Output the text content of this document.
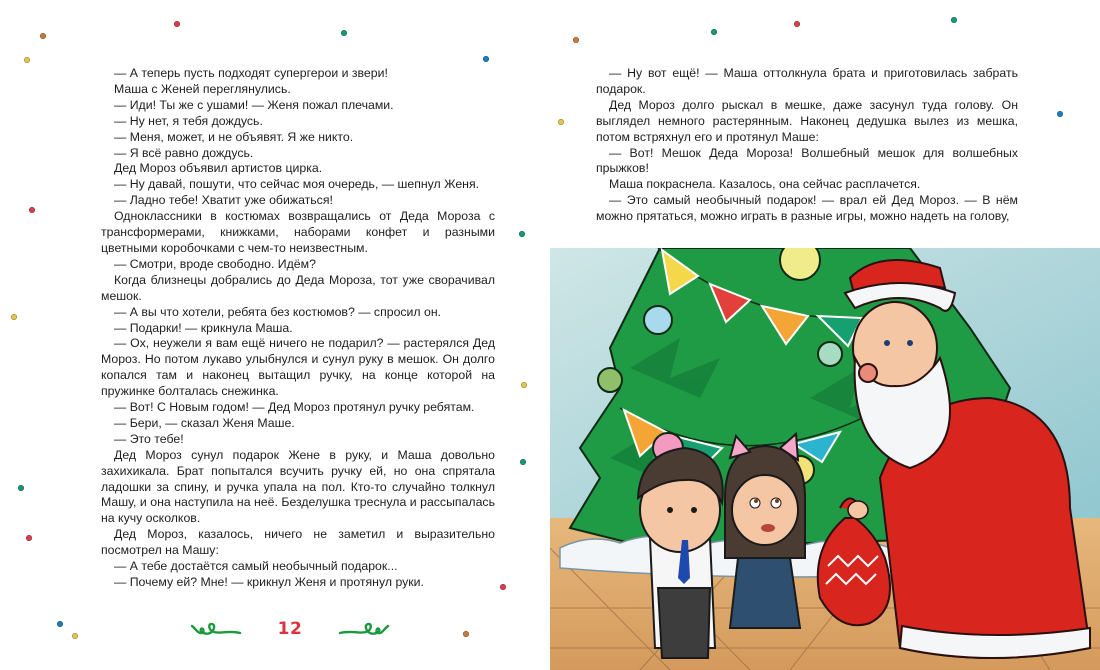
— А теперь пусть подходят супергерои и звери!

Маша с Женей переглянулись.

— Иди! Ты же с ушами! — Женя пожал плечами.

— Ну нет, я тебя дождусь.

— Меня, может, и не объявят. Я же никто.

— Я всё равно дождусь.

Дед Мороз объявил артистов цирка.

— Ну давай, пошути, что сейчас моя очередь, — шепнул Женя.

— Ладно тебе! Хватит уже обижаться!

Одноклассники в костюмах возвращались от Деда Мороза с трансформерами, книжками, наборами конфет и разными цветными коробочками с чем-то неизвестным.

— Смотри, вроде свободно. Идём?

Когда близнецы добрались до Деда Мороза, тот уже сворачивал мешок.

— А вы что хотели, ребята без костюмов? — спросил он.

— Подарки! — крикнула Маша.

— Ох, неужели я вам ещё ничего не подарил? — растерялся Дед Мороз. Но потом лукаво улыбнулся и сунул руку в мешок. Он долго копался там и наконец вытащил ручку, на конце которой на пружинке болталась снежинка.

— Вот! С Новым годом! — Дед Мороз протянул ручку ребятам.

— Бери, — сказал Женя Маше.

— Это тебе!

Дед Мороз сунул подарок Жене в руку, и Маша довольно захихикала. Брат попытался всучить ручку ей, но она спрятала ладошки за спину, и ручка упала на пол. Кто-то случайно толкнул Машу, и она наступила на неё. Безделушка треснула и рассыпалась на кучу осколков.

Дед Мороз, казалось, ничего не заметил и выразительно посмотрел на Машу:

— А тебе достаётся самый необычный подарок...

— Почему ей? Мне! — крикнул Женя и протянул руки.

12

— Ну вот ещё! — Маша оттолкнула брата и приготовилась забрать подарок.

Дед Мороз долго рыскал в мешке, даже засунул туда голову. Он выглядел немного растерянным. Наконец дедушка вылез из мешка, потом встряхнул его и протянул Маше:

— Вот! Мешок Деда Мороза! Волшебный мешок для волшебных прыжков!

Маша покраснела. Казалось, она сейчас расплачется.

— Это самый необычный подарок! — врал ей Дед Мороз. — В нём можно прятаться, можно играть в разные игры, можно надеть на голову,
